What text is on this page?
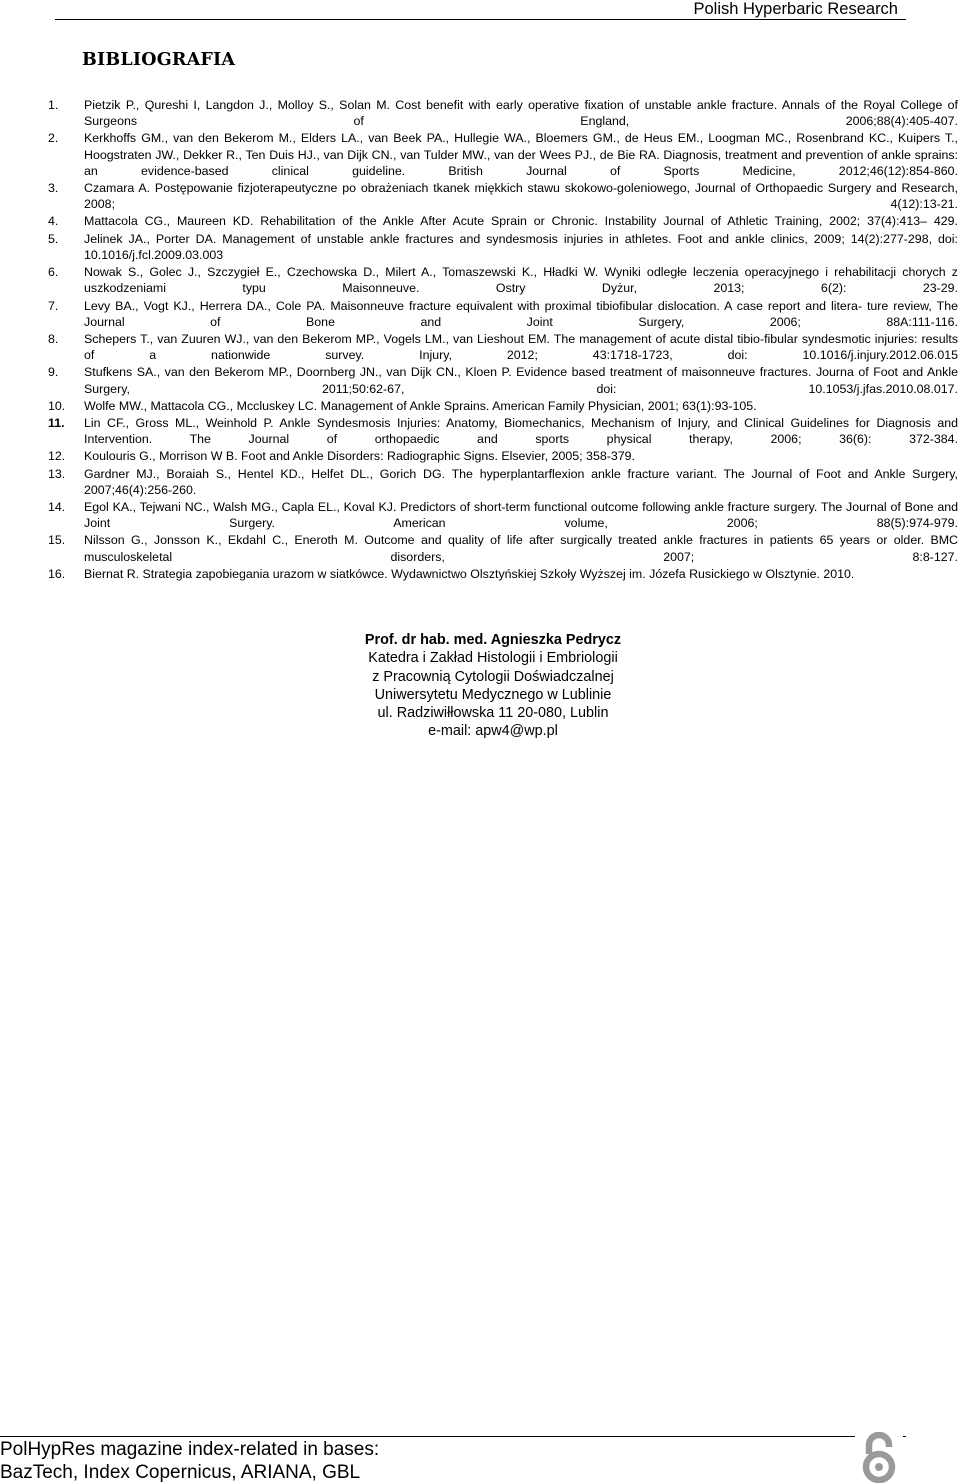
Polish Hyperbaric Research
BIBLIOGRAFIA
1. Pietzik P., Qureshi I, Langdon J., Molloy S., Solan M. Cost benefit with early operative fixation of unstable ankle fracture. Annals of the Royal College of Surgeons of England, 2006;88(4):405-407.
2. Kerkhoffs GM., van den Bekerom M., Elders LA., van Beek PA., Hullegie WA., Bloemers GM., de Heus EM., Loogman MC., Rosenbrand KC., Kuipers T., Hoogstraten JW., Dekker R., Ten Duis HJ., van Dijk CN., van Tulder MW., van der Wees PJ., de Bie RA. Diagnosis, treatment and prevention of ankle sprains: an evidence-based clinical guideline. British Journal of Sports Medicine, 2012;46(12):854-860.
3. Czamara A. Postępowanie fizjoterapeutyczne po obrażeniach tkanek miękkich stawu skokowo-goleniowego, Journal of Orthopaedic Surgery and Research, 2008; 4(12):13-21.
4. Mattacola CG., Maureen KD. Rehabilitation of the Ankle After Acute Sprain or Chronic. Instability Journal of Athletic Training, 2002; 37(4):413– 429.
5. Jelinek JA., Porter DA. Management of unstable ankle fractures and syndesmosis injuries in athletes. Foot and ankle clinics, 2009; 14(2):277-298, doi: 10.1016/j.fcl.2009.03.003
6. Nowak S., Golec J., Szczygieł E., Czechowska D., Milert A., Tomaszewski K., Hładki W. Wyniki odległe leczenia operacyjnego i rehabilitacji chorych z uszkodzeniami typu Maisonneuve. Ostry Dyżur, 2013; 6(2): 23-29.
7. Levy BA., Vogt KJ., Herrera DA., Cole PA. Maisonneuve fracture equivalent with proximal tibiofibular dislocation. A case report and litera- ture review, The Journal of Bone and Joint Surgery, 2006; 88A:111-116.
8. Schepers T., van Zuuren WJ., van den Bekerom MP., Vogels LM., van Lieshout EM. The management of acute distal tibio-fibular syndesmotic injuries: results of a nationwide survey. Injury, 2012; 43:1718-1723, doi: 10.1016/j.injury.2012.06.015
9. Stufkens SA., van den Bekerom MP., Doornberg JN., van Dijk CN., Kloen P. Evidence based treatment of maisonneuve fractures. Journa of Foot and Ankle Surgery, 2011;50:62-67, doi: 10.1053/j.jfas.2010.08.017.
10. Wolfe MW., Mattacola CG., Mccluskey LC. Management of Ankle Sprains. American Family Physician, 2001; 63(1):93-105.
11. Lin CF., Gross ML., Weinhold P. Ankle Syndesmosis Injuries: Anatomy, Biomechanics, Mechanism of Injury, and Clinical Guidelines for Diagnosis and Intervention. The Journal of orthopaedic and sports physical therapy, 2006; 36(6): 372-384.
12. Koulouris G., Morrison W B. Foot and Ankle Disorders: Radiographic Signs. Elsevier, 2005; 358-379.
13. Gardner MJ., Boraiah S., Hentel KD., Helfet DL., Gorich DG. The hyperplantarflexion ankle fracture variant. The Journal of Foot and Ankle Surgery, 2007;46(4):256-260.
14. Egol KA., Tejwani NC., Walsh MG., Capla EL., Koval KJ. Predictors of short-term functional outcome following ankle fracture surgery. The Journal of Bone and Joint Surgery. American volume, 2006; 88(5):974-979.
15. Nilsson G., Jonsson K., Ekdahl C., Eneroth M. Outcome and quality of life after surgically treated ankle fractures in patients 65 years or older. BMC musculoskeletal disorders, 2007; 8:8-127.
16. Biernat R. Strategia zapobiegania urazom w siatkówce. Wydawnictwo Olsztyńskiej Szkoły Wyższej im. Józefa Rusickiego w Olsztynie. 2010.
Prof. dr hab. med. Agnieszka Pedrycz
Katedra i Zakład Histologii i Embriologii
z Pracownią Cytologii Doświadczalnej
Uniwersytetu Medycznego w Lublinie
ul. Radziwiłłowska 11 20-080, Lublin
e-mail: apw4@wp.pl
PolHypRes magazine index-related in bases:
BazTech, Index Copernicus, ARIANA, GBL
